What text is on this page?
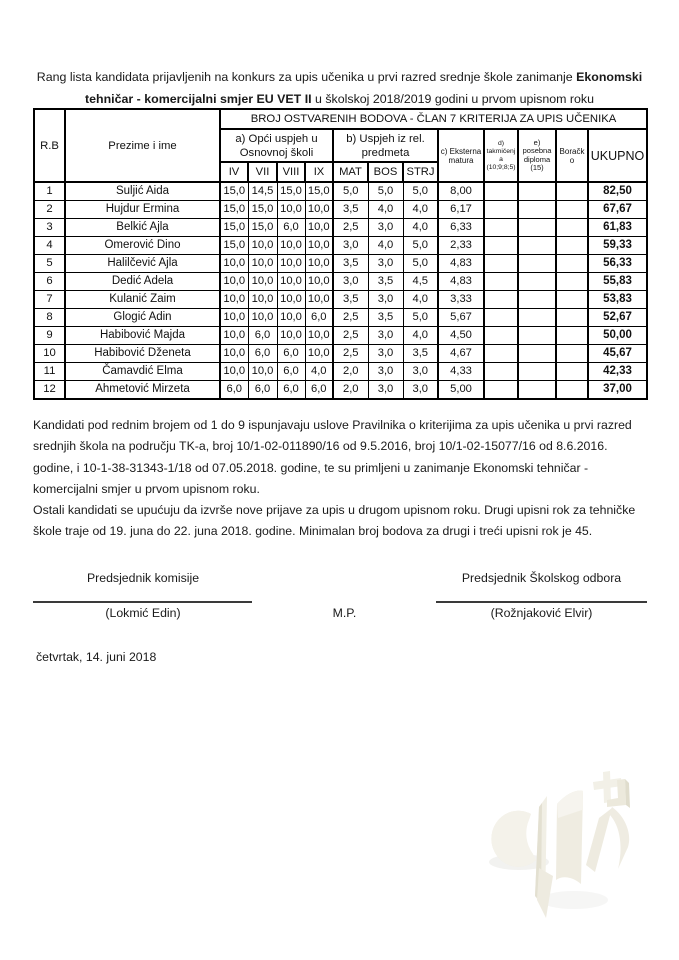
Rang lista kandidata prijavljenih na konkurs za upis učenika u prvi razred srednje škole zanimanje Ekonomski tehničar - komercijalni smjer EU VET II u školskoj 2018/2019 godini u prvom upisnom roku
R.B	Prezime i ime	BROJ OSTVARENIH BODOVA - ČLAN 7 KRITERIJA ZA UPIS UČENIKA											
		a) Opći uspjeh u Osnovnoj školi				b) Uspjeh iz rel. predmeta			c) Eksterna matura	d) takmičenja (10;9;8;5)	e) posebna diploma (15)	Boračko	UKUPNO
		IV	VII	VIII	IX	MAT	BOS	STRJ					
1	Suljić Aida	15,0	14,5	15,0	15,0	5,0	5,0	5,0	8,00				82,50
2	Hujdur Ermina	15,0	15,0	10,0	10,0	3,5	4,0	4,0	6,17				67,67
3	Belkić Ajla	15,0	15,0	6,0	10,0	2,5	3,0	4,0	6,33				61,83
4	Omerović Dino	15,0	10,0	10,0	10,0	3,0	4,0	5,0	2,33				59,33
5	Halilčević Ajla	10,0	10,0	10,0	10,0	3,5	3,0	5,0	4,83				56,33
6	Dedić Adela	10,0	10,0	10,0	10,0	3,0	3,5	4,5	4,83				55,83
7	Kulanić Zaim	10,0	10,0	10,0	10,0	3,5	3,0	4,0	3,33				53,83
8	Glogić Adin	10,0	10,0	10,0	6,0	2,5	3,5	5,0	5,67				52,67
9	Habibović Majda	10,0	6,0	10,0	10,0	2,5	3,0	4,0	4,50				50,00
10	Habibović Dženeta	10,0	6,0	6,0	10,0	2,5	3,0	3,5	4,67				45,67
11	Čamavdić Elma	10,0	10,0	6,0	4,0	2,0	3,0	3,0	4,33				42,33
12	Ahmetović Mirzeta	6,0	6,0	6,0	6,0	2,0	3,0	3,0	5,00				37,00

Kandidati pod rednim brojem od 1 do 9 ispunjavaju uslove Pravilnika o kriterijima za upis učenika u prvi razred srednjih škola na području TK-a, broj 10/1-02-011890/16 od 9.5.2016, broj 10/1-02-15077/16 od 8.6.2016. godine, i 10-1-38-31343-1/18 od 07.05.2018. godine, te su primljeni u zanimanje Ekonomski tehničar - komercijalni smjer u prvom upisnom roku.

Ostali kandidati se upućuju da izvrše nove prijave za upis u drugom upisnom roku. Drugi upisni rok za tehničke škole traje od 19. juna do 22. juna 2018. godine. Minimalan broj bodova za drugi i treći upisni rok je 45.

Predsjednik komisije	Predsjednik Školskog odbora
(Lokmić Edin)	M.P.	(Rožnjaković Elvir)
četvrtak, 14. juni 2018
